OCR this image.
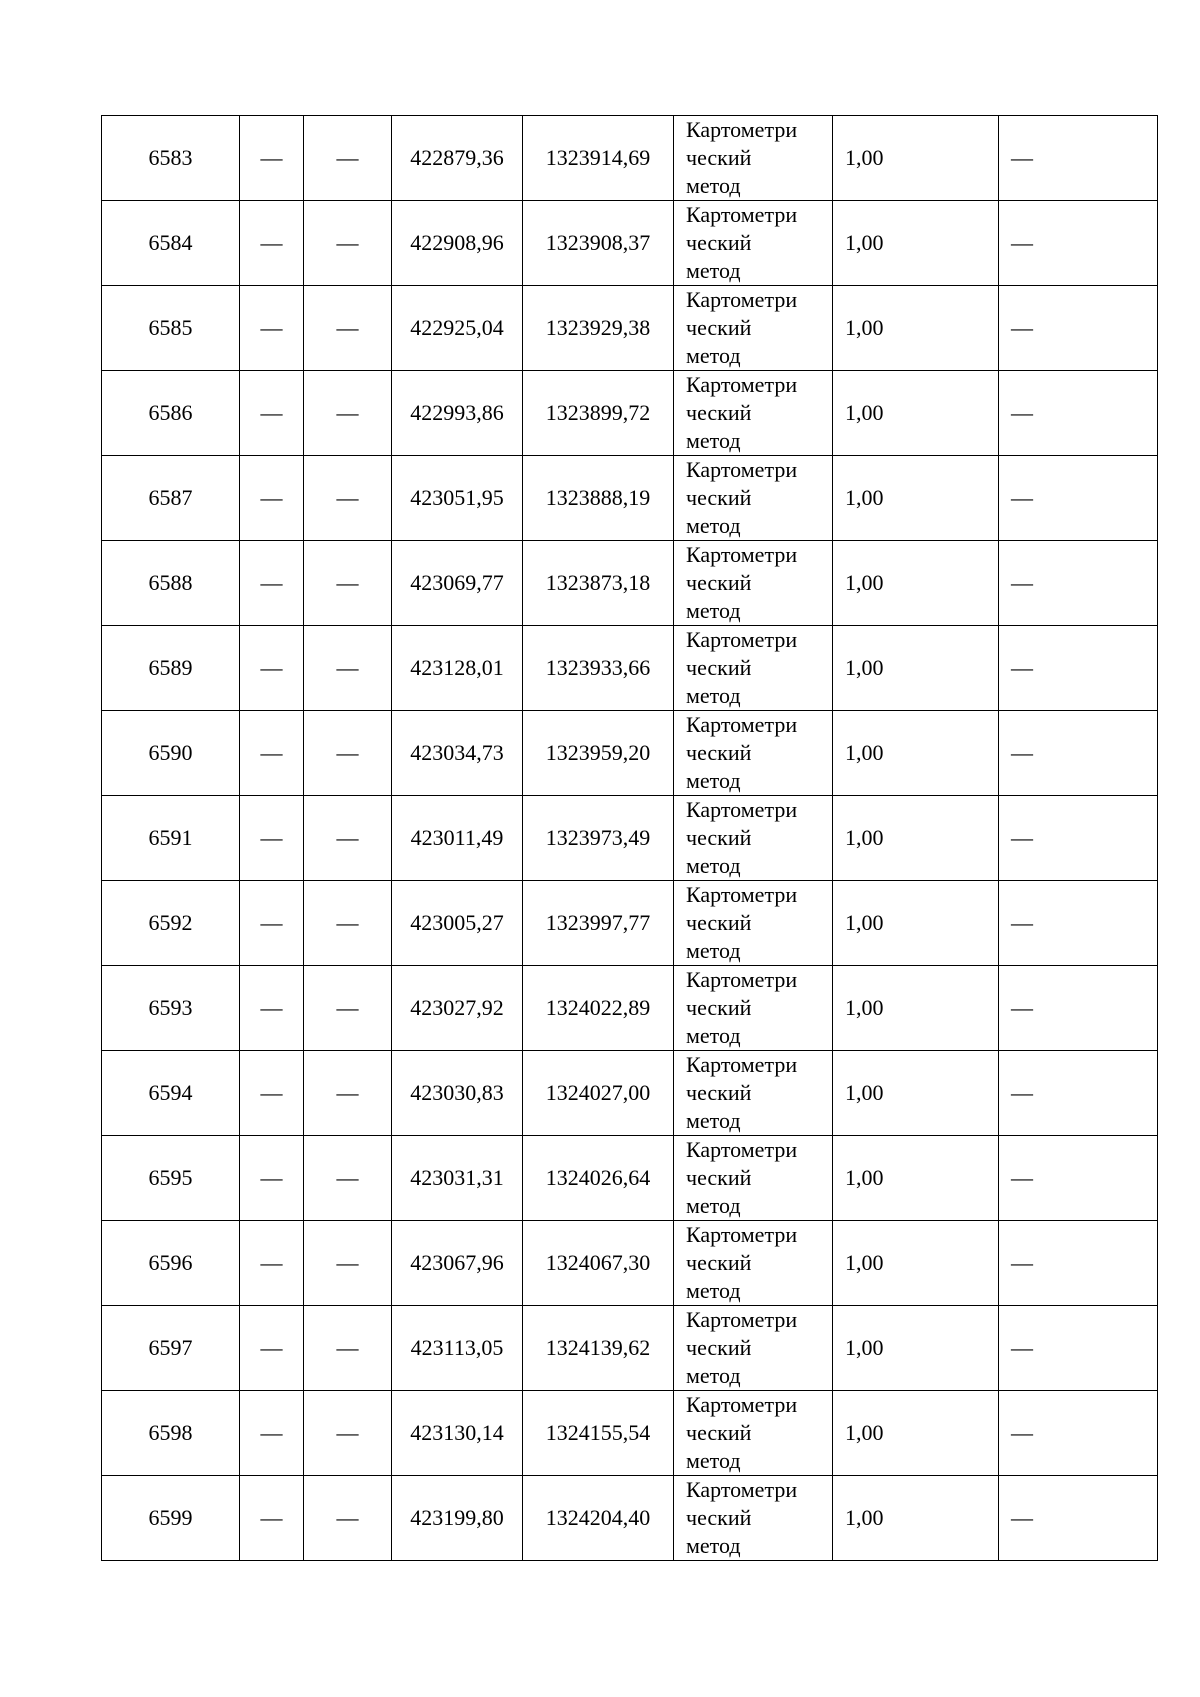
6583	—	—	422879,36	1323914,69	Картометри
ческий
метод	1,00	—
6584	—	—	422908,96	1323908,37	Картометри
ческий
метод	1,00	—
6585	—	—	422925,04	1323929,38	Картометри
ческий
метод	1,00	—
6586	—	—	422993,86	1323899,72	Картометри
ческий
метод	1,00	—
6587	—	—	423051,95	1323888,19	Картометри
ческий
метод	1,00	—
6588	—	—	423069,77	1323873,18	Картометри
ческий
метод	1,00	—
6589	—	—	423128,01	1323933,66	Картометри
ческий
метод	1,00	—
6590	—	—	423034,73	1323959,20	Картометри
ческий
метод	1,00	—
6591	—	—	423011,49	1323973,49	Картометри
ческий
метод	1,00	—
6592	—	—	423005,27	1323997,77	Картометри
ческий
метод	1,00	—
6593	—	—	423027,92	1324022,89	Картометри
ческий
метод	1,00	—
6594	—	—	423030,83	1324027,00	Картометри
ческий
метод	1,00	—
6595	—	—	423031,31	1324026,64	Картометри
ческий
метод	1,00	—
6596	—	—	423067,96	1324067,30	Картометри
ческий
метод	1,00	—
6597	—	—	423113,05	1324139,62	Картометри
ческий
метод	1,00	—
6598	—	—	423130,14	1324155,54	Картометри
ческий
метод	1,00	—
6599	—	—	423199,80	1324204,40	Картометри
ческий
метод	1,00	—
